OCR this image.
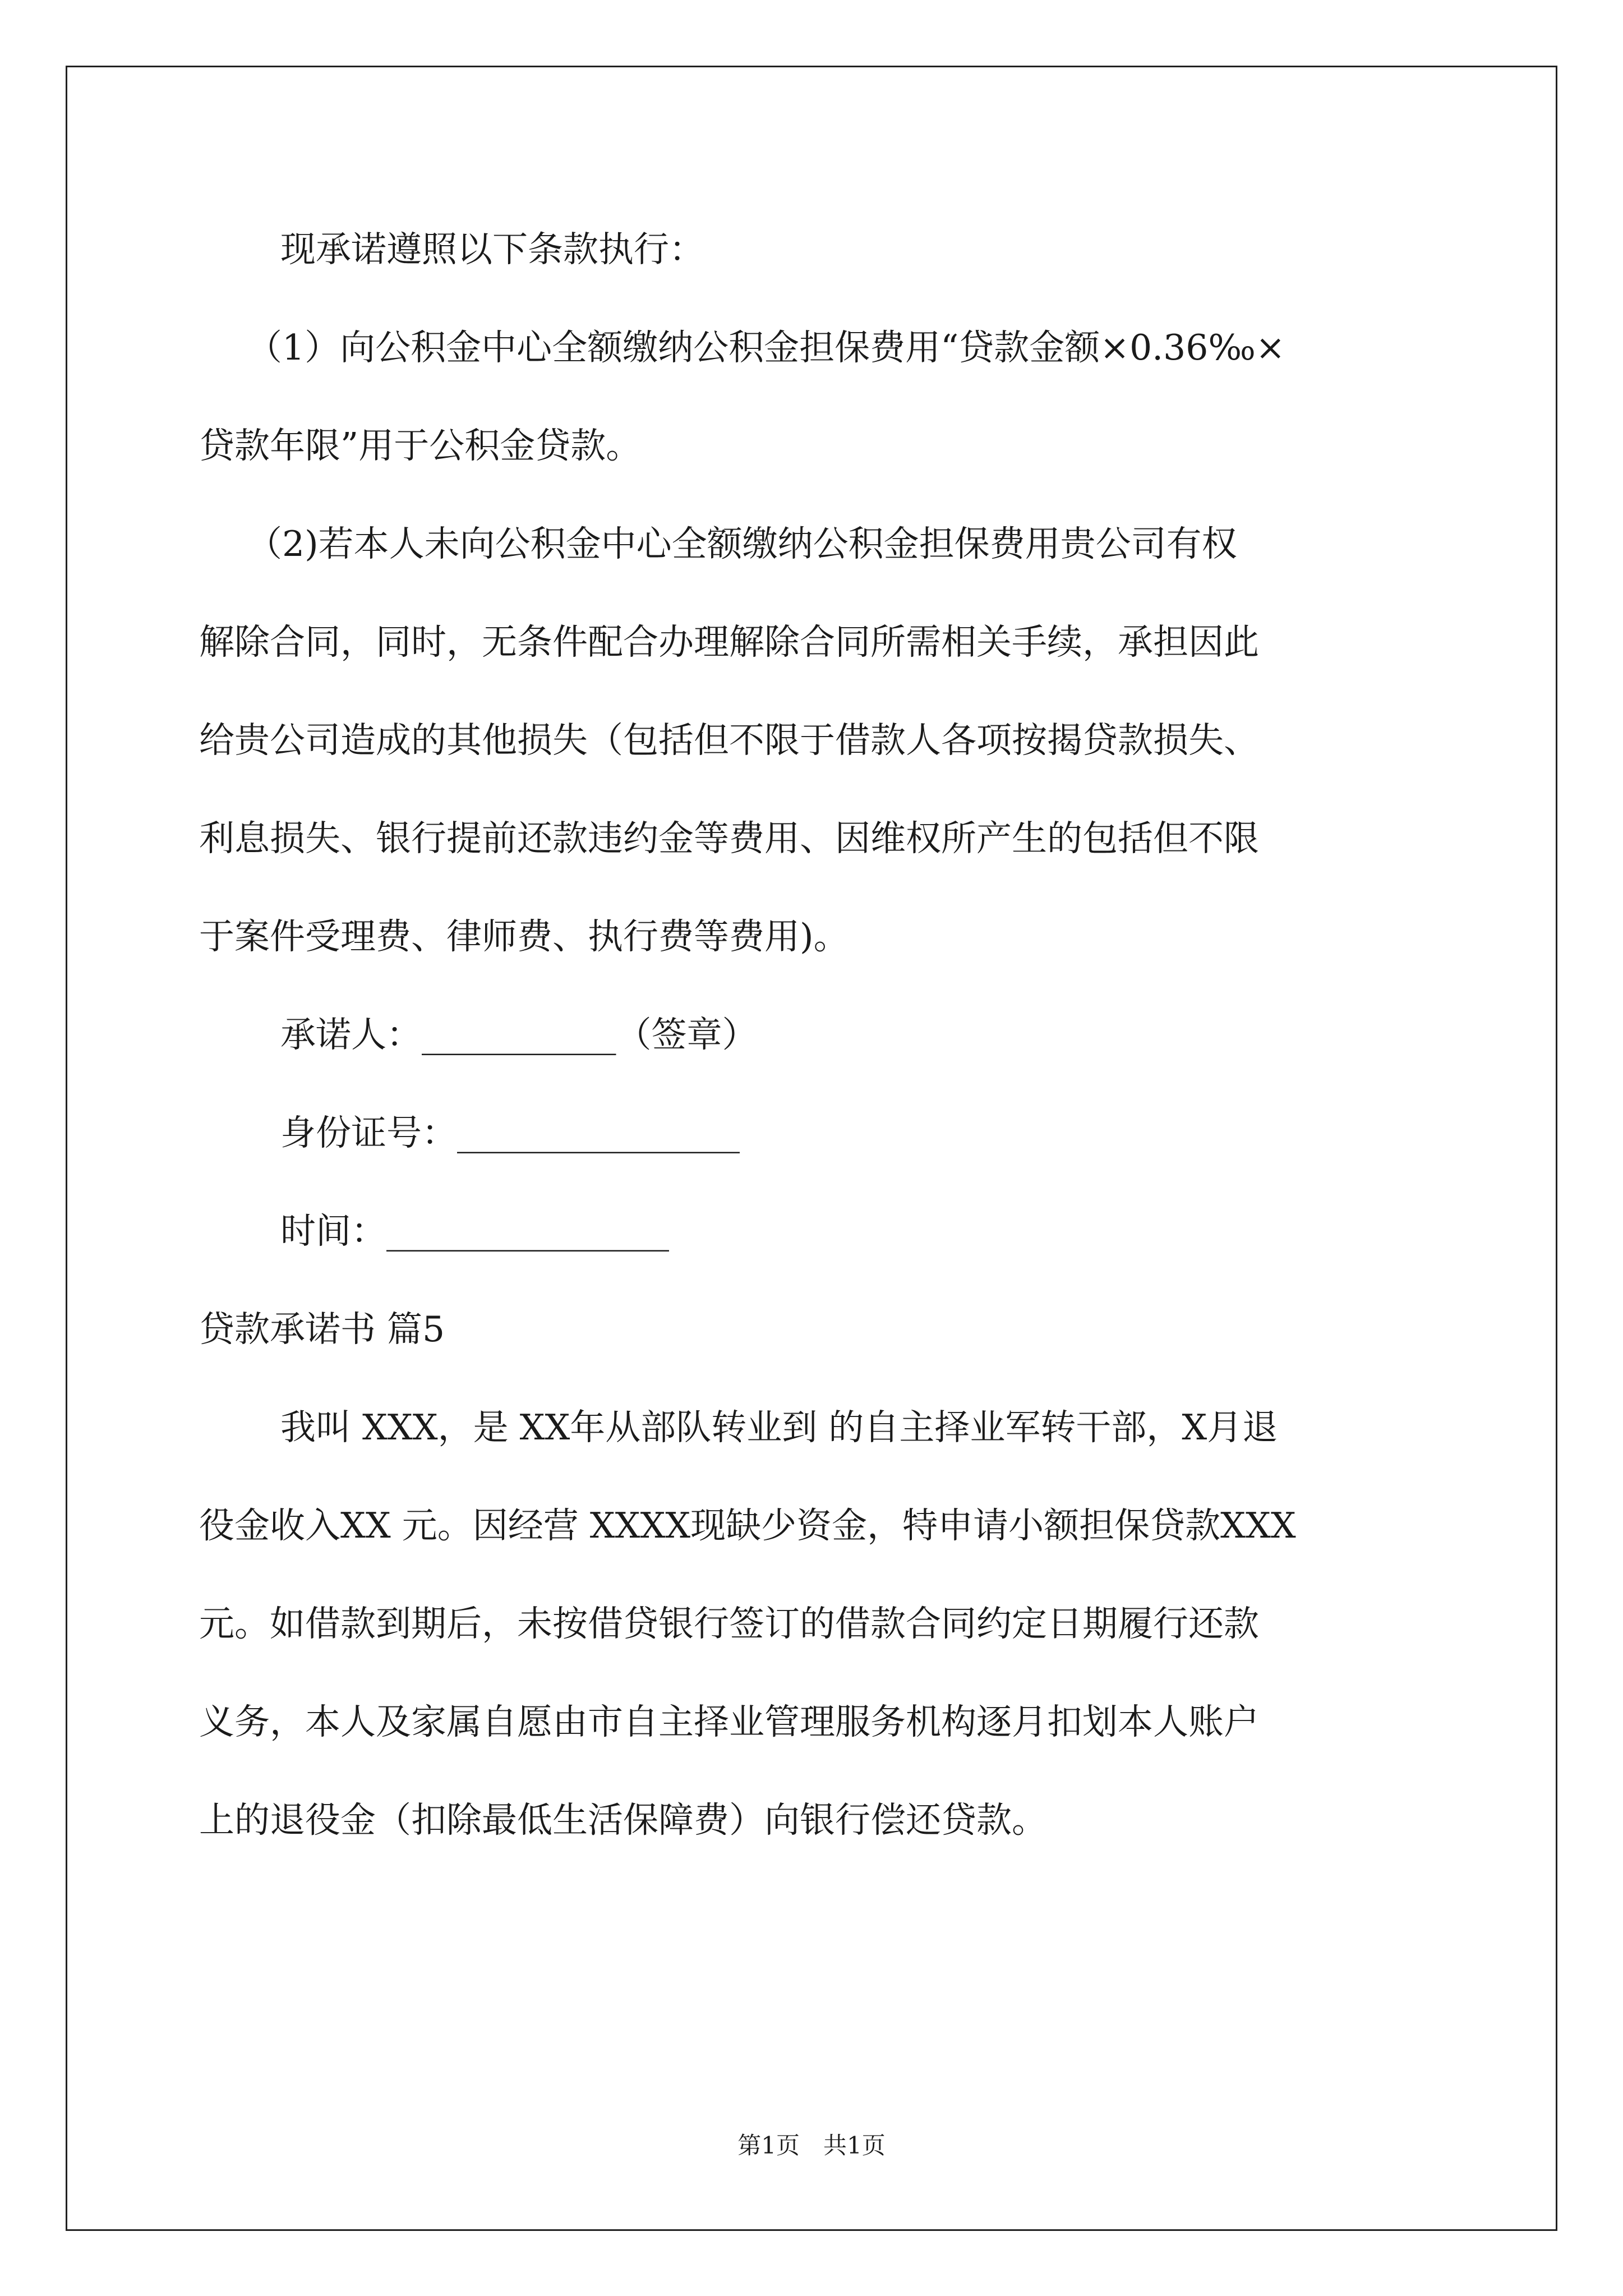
现承诺遵照以下条款执行：

（1）向公积金中心全额缴纳公积金担保费用“贷款金额×0.36‰×

贷款年限”用于公积金贷款。

（2)若本人未向公积金中心全额缴纳公积金担保费用贵公司有权

解除合同，同时，无条件配合办理解除合同所需相关手续，承担因此

给贵公司造成的其他损失（包括但不限于借款人各项按揭贷款损失、

利息损失、银行提前还款违约金等费用、因维权所产生的包括但不限

于案件受理费、律师费、执行费等费用)。

承诺人：___________（签章）

身份证号：________________

时间：________________

贷款承诺书 篇5

我叫 XXX，是 XX年从部队转业到 的自主择业军转干部，X月退

役金收入XX 元。因经营 XXXX现缺少资金，特申请小额担保贷款XXX

元。如借款到期后，未按借贷银行签订的借款合同约定日期履行还款

义务，本人及家属自愿由市自主择业管理服务机构逐月扣划本人账户

上的退役金（扣除最低生活保障费）向银行偿还贷款。

第1页　共1页
